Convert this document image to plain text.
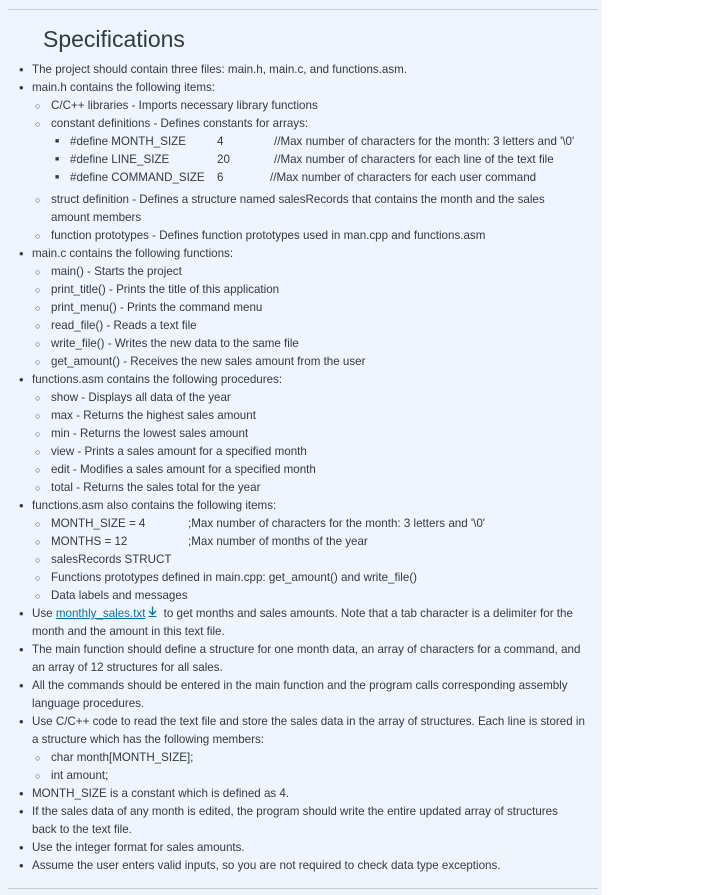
Specifications
• The project should contain three files: main.h, main.c, and functions.asm.
• main.h contains the following items:
○ C/C++ libraries - Imports necessary library functions
○ constant definitions - Defines constants for arrays:
■ #define MONTH_SIZE	4	//Max number of characters for the month: 3 letters and '\0'
■ #define LINE_SIZE	20	//Max number of characters for each line of the text file
■ #define COMMAND_SIZE 6	//Max number of characters for each user command
○ struct definition - Defines a structure named salesRecords that contains the month and the sales
amount members
○ function prototypes - Defines function prototypes used in man.cpp and functions.asm
• main.c contains the following functions:
○ main() - Starts the project
○ print_title() - Prints the title of this application
○ print_menu() - Prints the command menu
○ read_file() - Reads a text file
○ write_file() - Writes the new data to the same file
○ get_amount() - Receives the new sales amount from the user
• functions.asm contains the following procedures:
○ show - Displays all data of the year
○ max - Returns the highest sales amount
○ min - Returns the lowest sales amount
○ view - Prints a sales amount for a specified month
○ edit - Modifies a sales amount for a specified month
○ total - Returns the sales total for the year
• functions.asm also contains the following items:
○ MONTH_SIZE = 4	;Max number of characters for the month: 3 letters and '\0'
○ MONTHS = 12	;Max number of months of the year
○ salesRecords STRUCT
○ Functions prototypes defined in main.cpp: get_amount() and write_file()
○ Data labels and messages
• Use monthly_sales.txt to get months and sales amounts. Note that a tab character is a delimiter for the
month and the amount in this text file.
• The main function should define a structure for one month data, an array of characters for a command, and
an array of 12 structures for all sales.
• All the commands should be entered in the main function and the program calls corresponding assembly
language procedures.
• Use C/C++ code to read the text file and store the sales data in the array of structures. Each line is stored in
a structure which has the following members:
○ char month[MONTH_SIZE];
○ int amount;
• MONTH_SIZE is a constant which is defined as 4.
• If the sales data of any month is edited, the program should write the entire updated array of structures
back to the text file.
• Use the integer format for sales amounts.
• Assume the user enters valid inputs, so you are not required to check data type exceptions.
